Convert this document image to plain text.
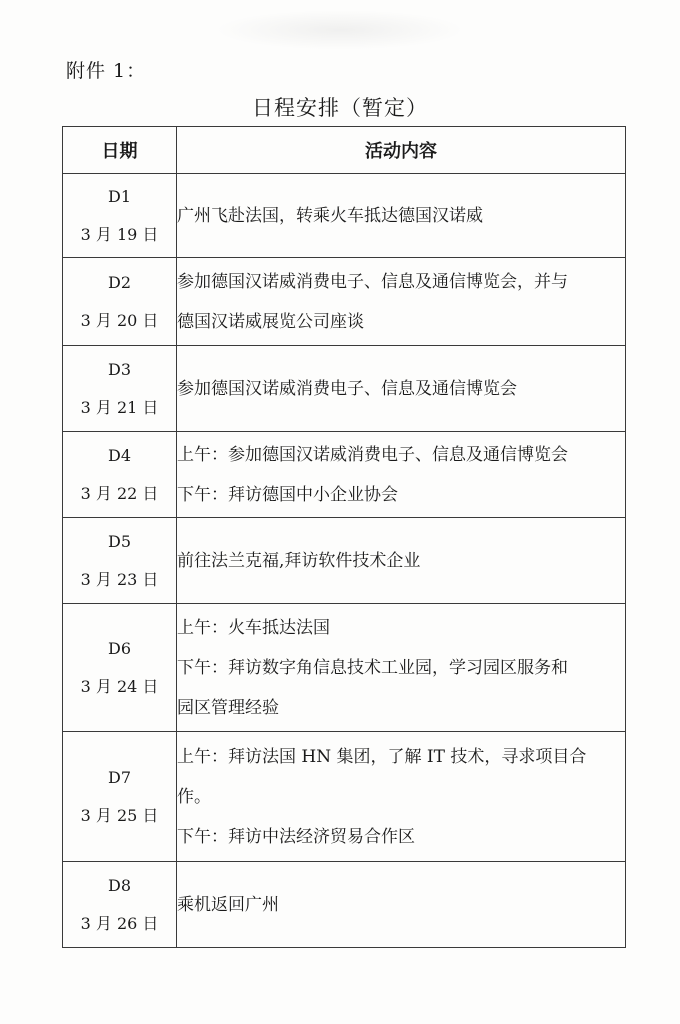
附件 1：
日程安排（暂定）
日期	活动内容

D1
3 月 19 日	广州飞赴法国，转乘火车抵达德国汉诺威

D2
3 月 20 日	参加德国汉诺威消费电子、信息及通信博览会，并与
德国汉诺威展览公司座谈

D3
3 月 21 日	参加德国汉诺威消费电子、信息及通信博览会

D4
3 月 22 日	上午：参加德国汉诺威消费电子、信息及通信博览会
下午：拜访德国中小企业协会

D5
3 月 23 日	前往法兰克福,拜访软件技术企业

D6
3 月 24 日	上午：火车抵达法国
下午：拜访数字角信息技术工业园，学习园区服务和
园区管理经验

D7
3 月 25 日	上午：拜访法国 HN 集团，了解 IT 技术，寻求项目合
作。
下午：拜访中法经济贸易合作区

D8
3 月 26 日	乘机返回广州
